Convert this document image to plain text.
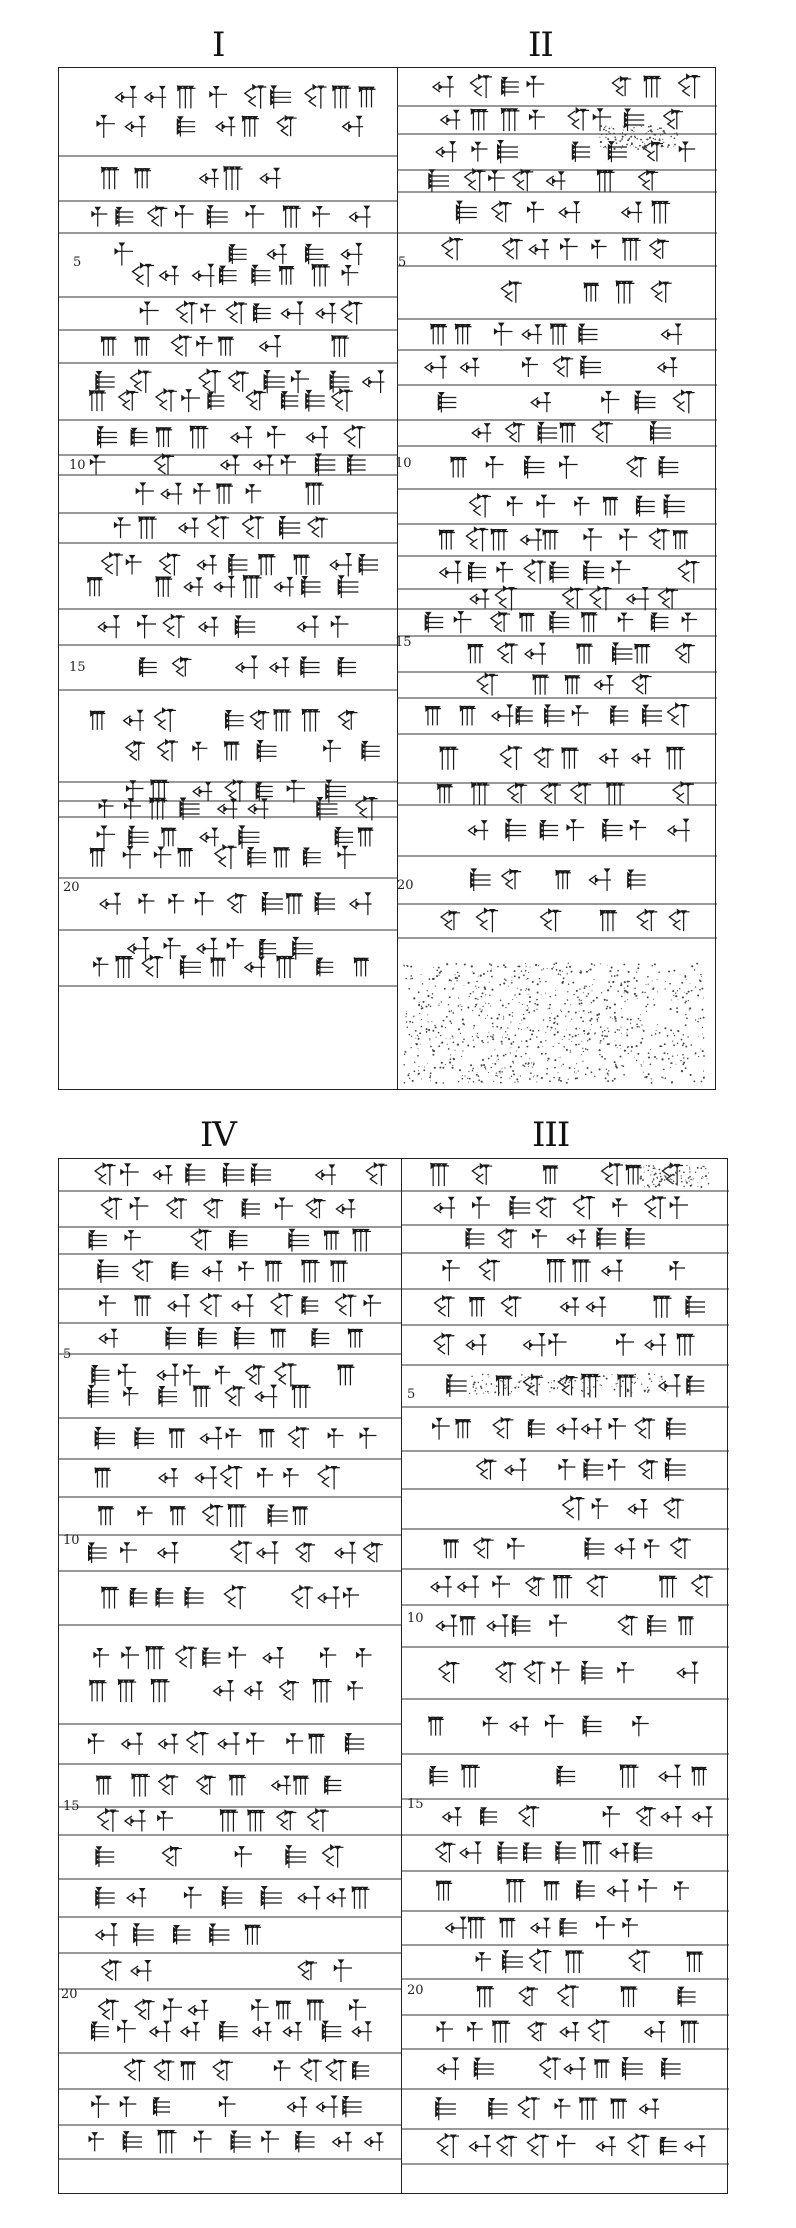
I	II
IV	III
5
10
15
20
5
10
15
20
5
10
15
20
5
10
15
20
